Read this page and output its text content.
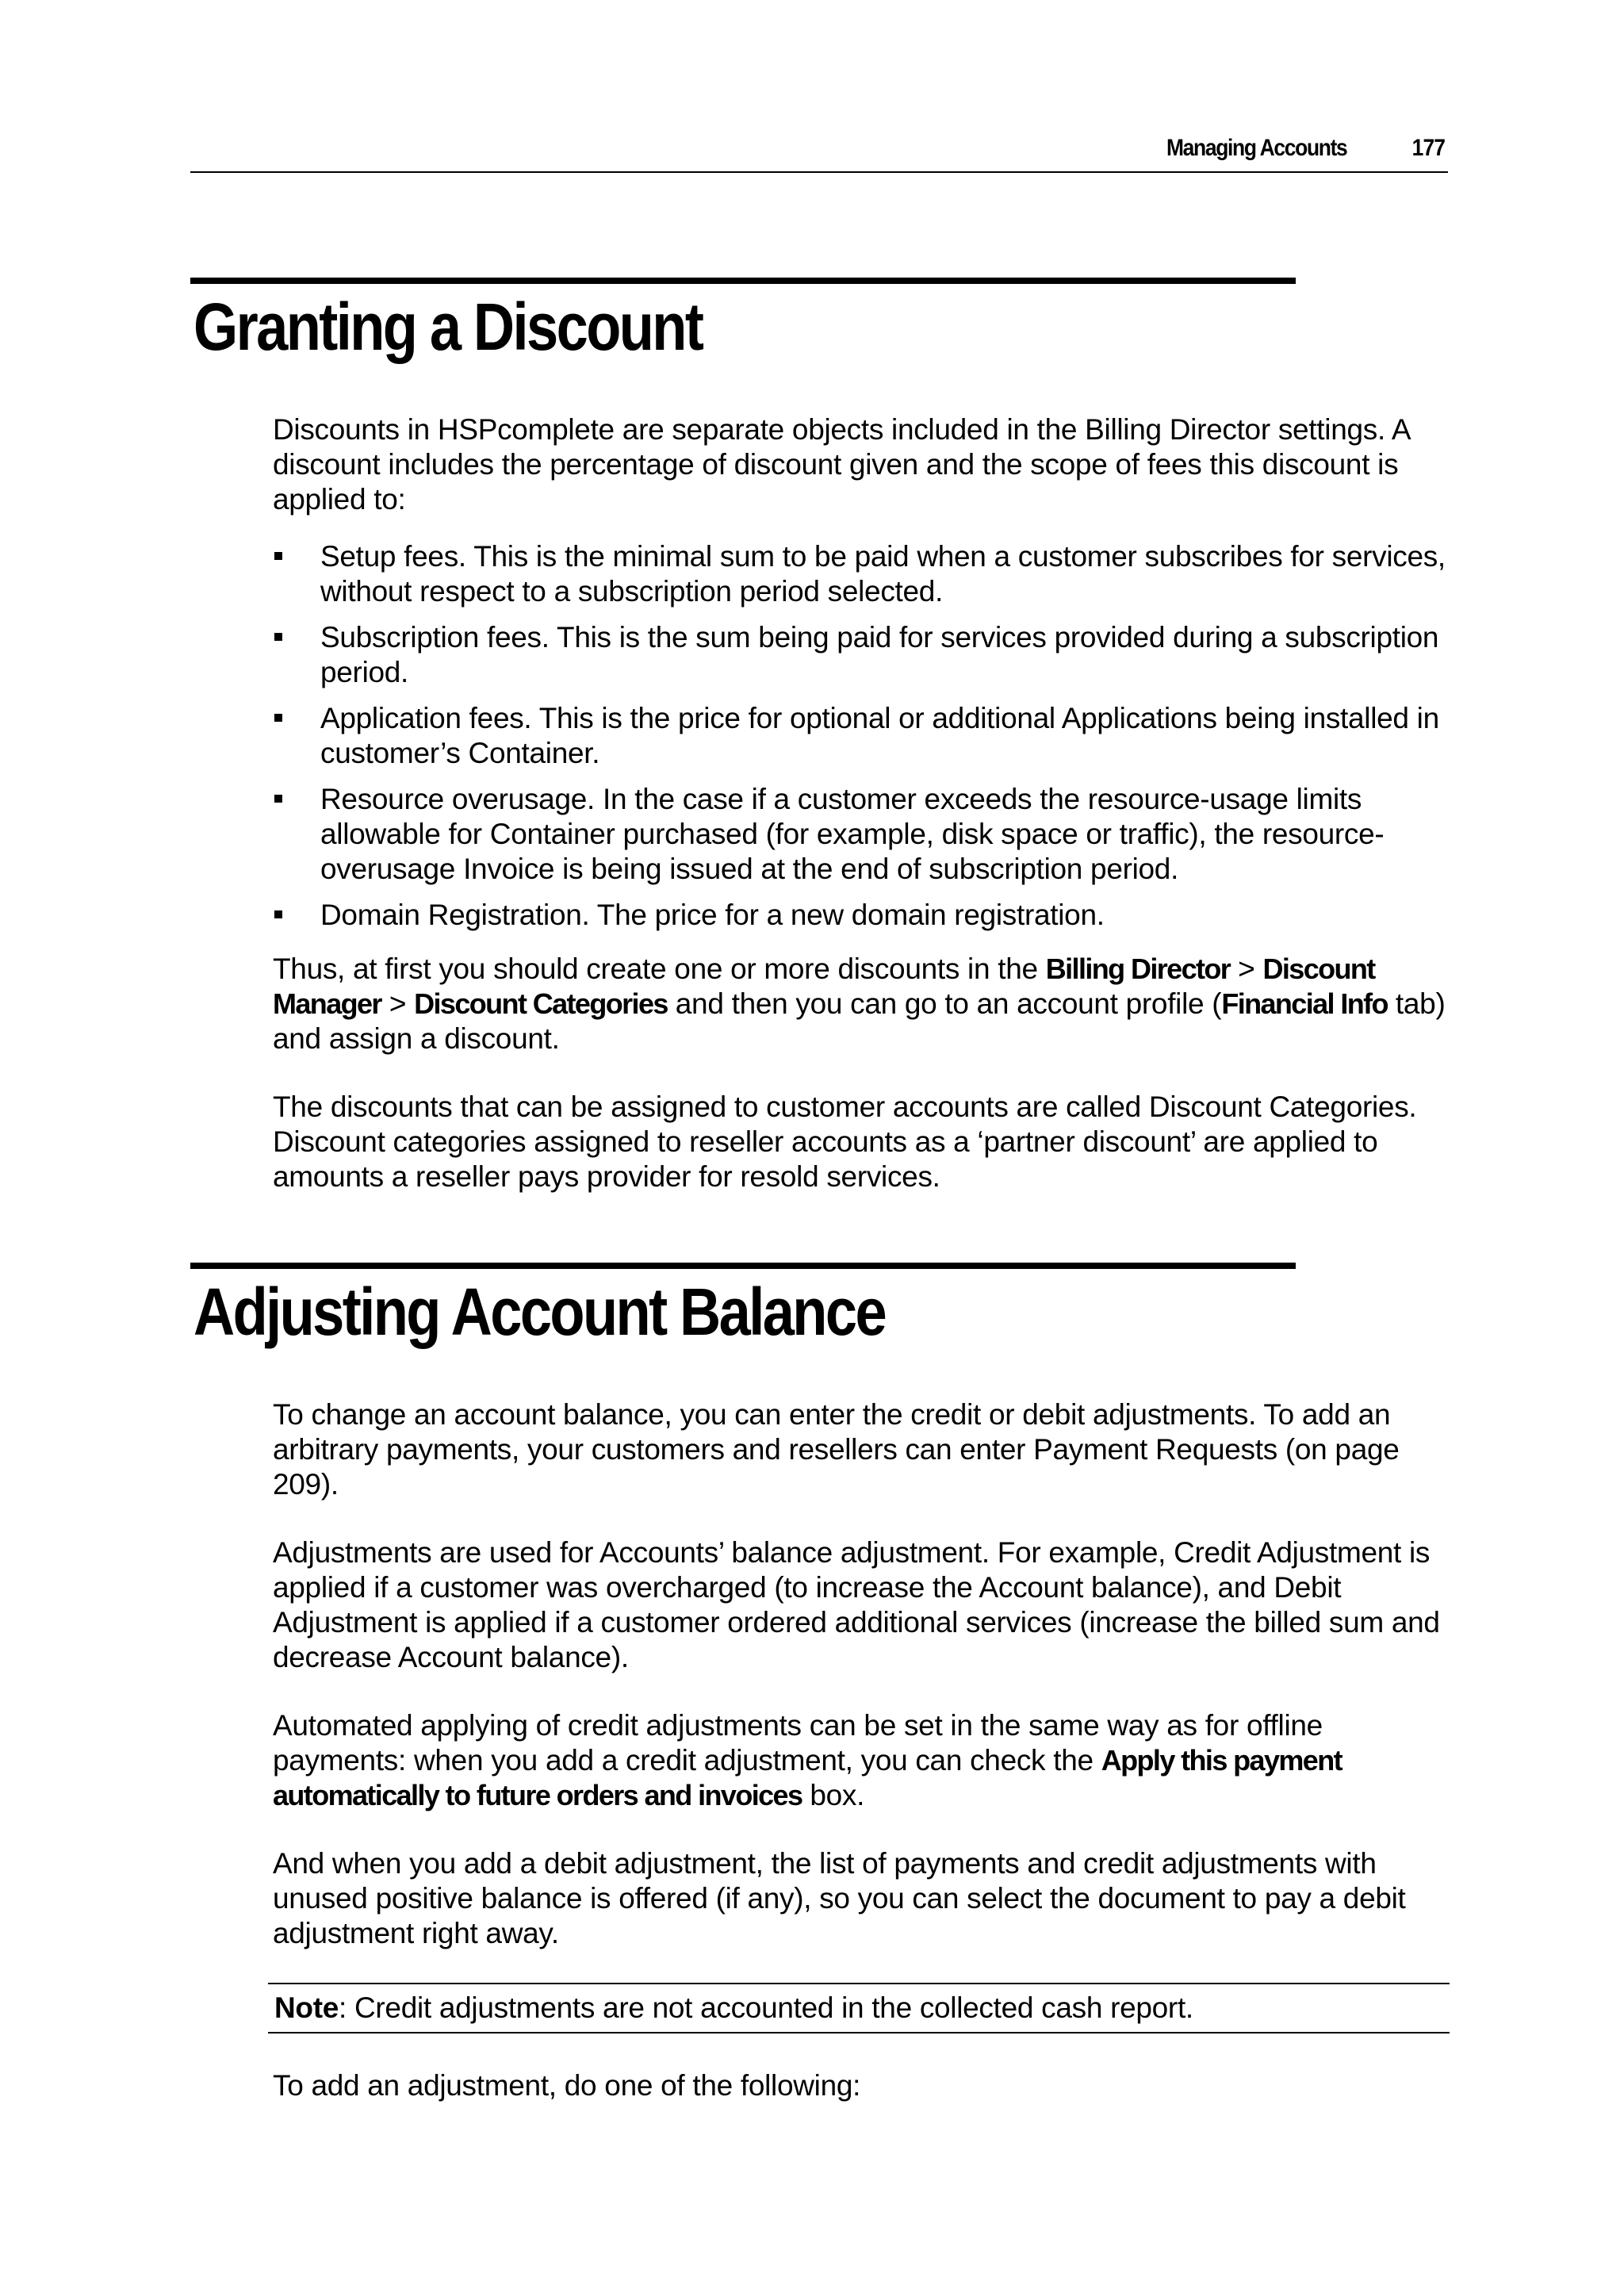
Managing Accounts	177
Granting a Discount

Discounts in HSPcomplete are separate objects included in the Billing Director settings. A discount includes the percentage of discount given and the scope of fees this discount is applied to:

Setup fees. This is the minimal sum to be paid when a customer subscribes for services, without respect to a subscription period selected.
Subscription fees. This is the sum being paid for services provided during a subscription period.
Application fees. This is the price for optional or additional Applications being installed in customer’s Container.
Resource overusage. In the case if a customer exceeds the resource-usage limits allowable for Container purchased (for example, disk space or traffic), the resource-overusage Invoice is being issued at the end of subscription period.
Domain Registration. The price for a new domain registration.

Thus, at first you should create one or more discounts in the Billing Director > Discount Manager > Discount Categories and then you can go to an account profile (Financial Info tab) and assign a discount.

The discounts that can be assigned to customer accounts are called Discount Categories. Discount categories assigned to reseller accounts as a ‘partner discount’ are applied to amounts a reseller pays provider for resold services.

Adjusting Account Balance

To change an account balance, you can enter the credit or debit adjustments. To add an arbitrary payments, your customers and resellers can enter Payment Requests (on page 209).

Adjustments are used for Accounts’ balance adjustment. For example, Credit Adjustment is applied if a customer was overcharged (to increase the Account balance), and Debit Adjustment is applied if a customer ordered additional services (increase the billed sum and decrease Account balance).

Automated applying of credit adjustments can be set in the same way as for offline payments: when you add a credit adjustment, you can check the Apply this payment automatically to future orders and invoices box.

And when you add a debit adjustment, the list of payments and credit adjustments with unused positive balance is offered (if any), so you can select the document to pay a debit adjustment right away.

Note: Credit adjustments are not accounted in the collected cash report.

To add an adjustment, do one of the following:
